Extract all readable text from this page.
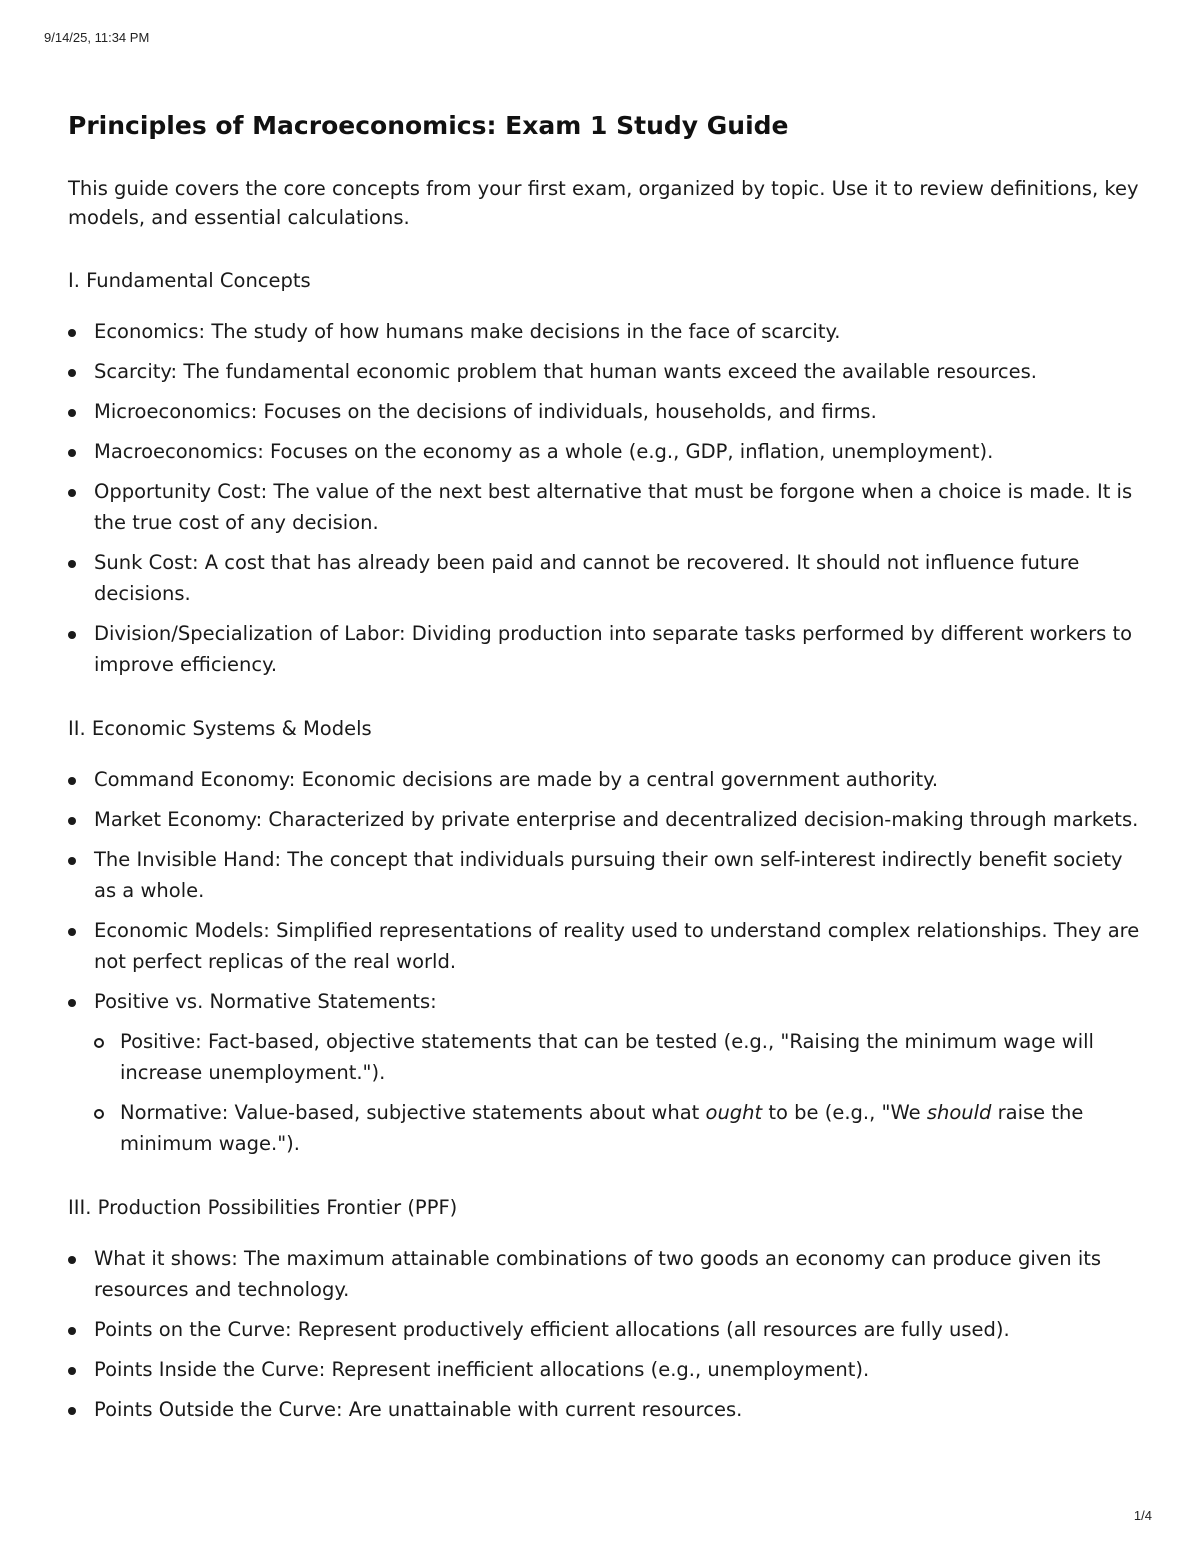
9/14/25, 11:34 PM
Principles of Macroeconomics: Exam 1 Study Guide

This guide covers the core concepts from your first exam, organized by topic. Use it to review definitions, key models, and essential calculations.

I. Fundamental Concepts
Economics: The study of how humans make decisions in the face of scarcity.
Scarcity: The fundamental economic problem that human wants exceed the available resources.
Microeconomics: Focuses on the decisions of individuals, households, and firms.
Macroeconomics: Focuses on the economy as a whole (e.g., GDP, inflation, unemployment).
Opportunity Cost: The value of the next best alternative that must be forgone when a choice is made. It is the true cost of any decision.
Sunk Cost: A cost that has already been paid and cannot be recovered. It should not influence future decisions.
Division/Specialization of Labor: Dividing production into separate tasks performed by different workers to improve efficiency.
II. Economic Systems & Models
Command Economy: Economic decisions are made by a central government authority.
Market Economy: Characterized by private enterprise and decentralized decision-making through markets.
The Invisible Hand: The concept that individuals pursuing their own self-interest indirectly benefit society as a whole.
Economic Models: Simplified representations of reality used to understand complex relationships. They are not perfect replicas of the real world.
Positive vs. Normative Statements:
Positive: Fact-based, objective statements that can be tested (e.g., "Raising the minimum wage will increase unemployment.").
Normative: Value-based, subjective statements about what ought to be (e.g., "We should raise the minimum wage.").
III. Production Possibilities Frontier (PPF)
What it shows: The maximum attainable combinations of two goods an economy can produce given its resources and technology.
Points on the Curve: Represent productively efficient allocations (all resources are fully used).
Points Inside the Curve: Represent inefficient allocations (e.g., unemployment).
Points Outside the Curve: Are unattainable with current resources.
1/4
